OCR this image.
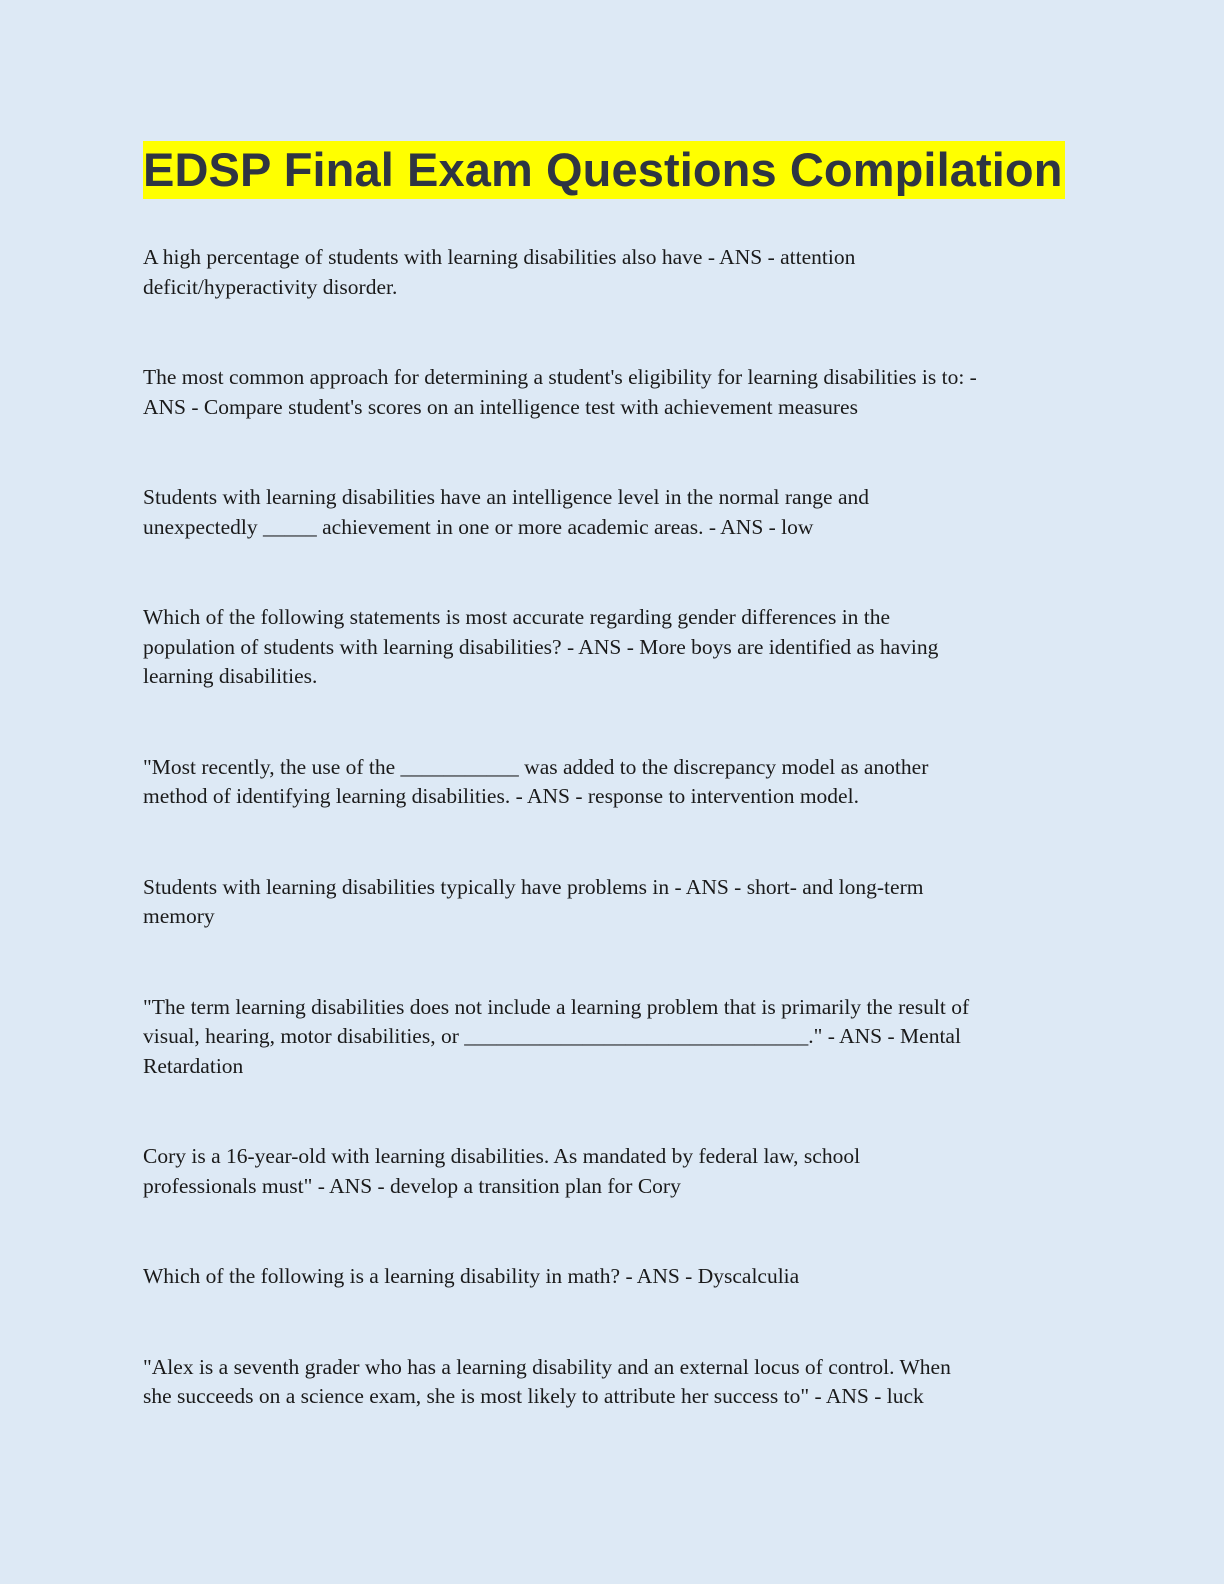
EDSP Final Exam Questions Compilation

A high percentage of students with learning disabilities also have - ANS - attention
deficit/hyperactivity disorder.

The most common approach for determining a student's eligibility for learning disabilities is to: -
ANS - Compare student's scores on an intelligence test with achievement measures

Students with learning disabilities have an intelligence level in the normal range and
unexpectedly _____ achievement in one or more academic areas. - ANS - low

Which of the following statements is most accurate regarding gender differences in the
population of students with learning disabilities? - ANS - More boys are identified as having
learning disabilities.

"Most recently, the use of the ___________ was added to the discrepancy model as another
method of identifying learning disabilities. - ANS - response to intervention model.

Students with learning disabilities typically have problems in - ANS - short- and long-term
memory

"The term learning disabilities does not include a learning problem that is primarily the result of
visual, hearing, motor disabilities, or ________________________________." - ANS - Mental
Retardation

Cory is a 16-year-old with learning disabilities. As mandated by federal law, school
professionals must" - ANS - develop a transition plan for Cory

Which of the following is a learning disability in math? - ANS - Dyscalculia

"Alex is a seventh grader who has a learning disability and an external locus of control. When
she succeeds on a science exam, she is most likely to attribute her success to" - ANS - luck
